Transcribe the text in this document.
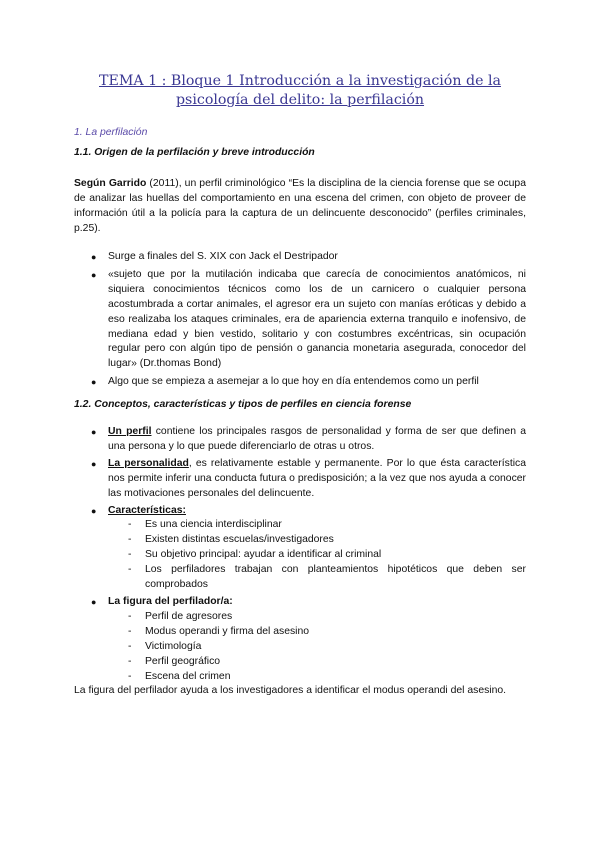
TEMA 1 : Bloque 1 Introducción a la investigación de la
psicología del delito: la perfilación
1. La perfilación
1.1. Origen de la perfilación y breve introducción
Según Garrido (2011), un perfil criminológico “Es la disciplina de la ciencia forense que se ocupa de analizar las huellas del comportamiento en una escena del crimen, con objeto de proveer de información útil a la policía para la captura de un delincuente desconocido” (perfiles criminales, p.25).
● Surge a finales del S. XIX con Jack el Destripador
● «sujeto que por la mutilación indicaba que carecía de conocimientos anatómicos, ni siquiera conocimientos técnicos como los de un carnicero o cualquier persona acostumbrada a cortar animales, el agresor era un sujeto con manías eróticas y debido a eso realizaba los ataques criminales, era de apariencia externa tranquilo e inofensivo, de mediana edad y bien vestido, solitario y con costumbres excéntricas, sin ocupación regular pero con algún tipo de pensión o ganancia monetaria asegurada, conocedor del lugar» (Dr.thomas Bond)
● Algo que se empieza a asemejar a lo que hoy en día entendemos como un perfil
1.2. Conceptos, características y tipos de perfiles en ciencia forense
● Un perfil contiene los principales rasgos de personalidad y forma de ser que definen a una persona y lo que puede diferenciarlo de otras u otros.
● La personalidad, es relativamente estable y permanente. Por lo que ésta característica nos permite inferir una conducta futura o predisposición; a la vez que nos ayuda a conocer las motivaciones personales del delincuente.
● Características:
- Es una ciencia interdisciplinar
- Existen distintas escuelas/investigadores
- Su objetivo principal: ayudar a identificar al criminal
- Los perfiladores trabajan con planteamientos hipotéticos que deben ser comprobados
● La figura del perfilador/a:
- Perfil de agresores
- Modus operandi y firma del asesino
- Victimología
- Perfil geográfico
- Escena del crimen
La figura del perfilador ayuda a los investigadores a identificar el modus operandi del asesino.
